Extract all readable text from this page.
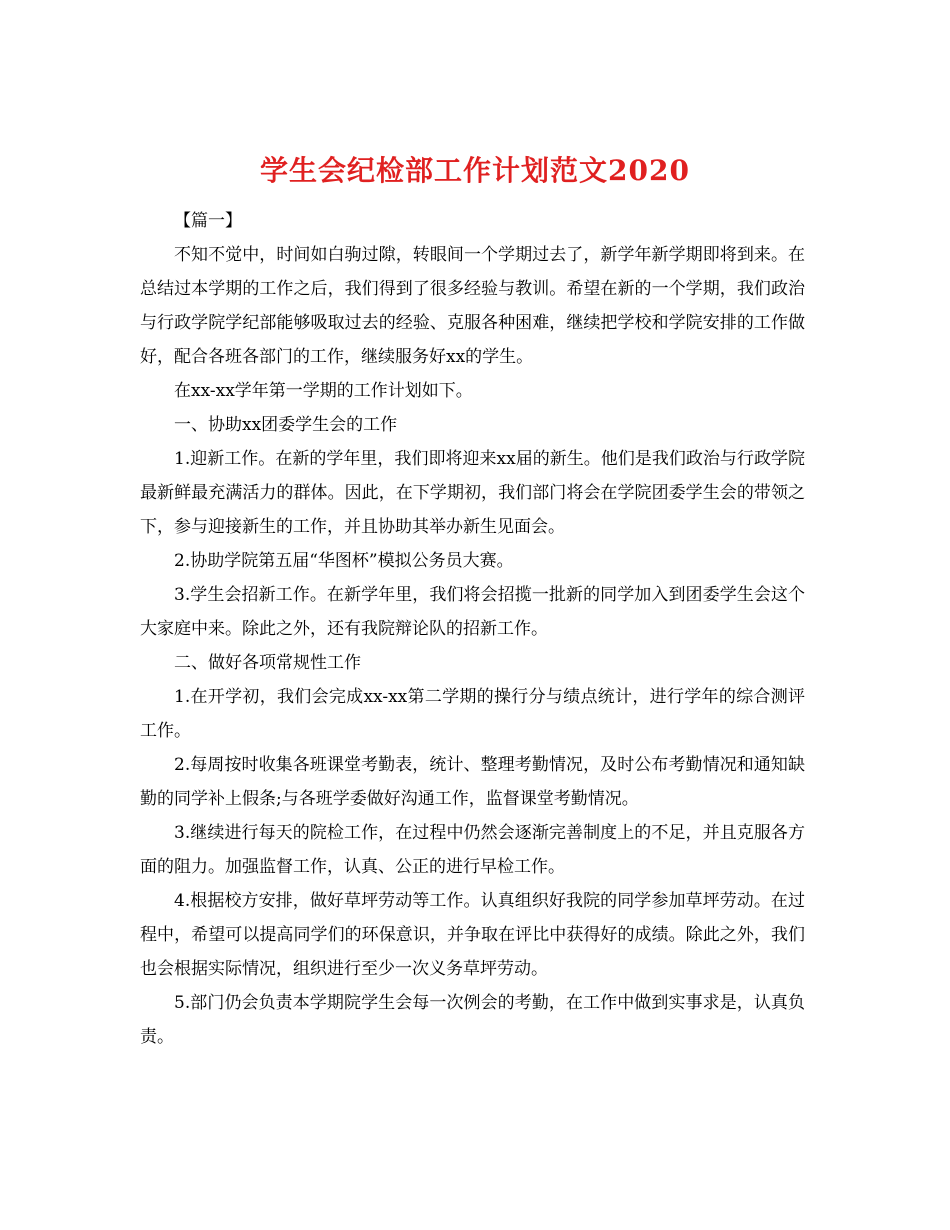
学生会纪检部工作计划范文2020

【篇一】

不知不觉中，时间如白驹过隙，转眼间一个学期过去了，新学年新学期即将到来。在总结过本学期的工作之后，我们得到了很多经验与教训。希望在新的一个学期，我们政治与行政学院学纪部能够吸取过去的经验、克服各种困难，继续把学校和学院安排的工作做好，配合各班各部门的工作，继续服务好xx的学生。

在xx-xx学年第一学期的工作计划如下。

一、协助xx团委学生会的工作

1.迎新工作。在新的学年里，我们即将迎来xx届的新生。他们是我们政治与行政学院最新鲜最充满活力的群体。因此，在下学期初，我们部门将会在学院团委学生会的带领之下，参与迎接新生的工作，并且协助其举办新生见面会。

2.协助学院第五届“华图杯”模拟公务员大赛。

3.学生会招新工作。在新学年里，我们将会招揽一批新的同学加入到团委学生会这个大家庭中来。除此之外，还有我院辩论队的招新工作。

二、做好各项常规性工作

1.在开学初，我们会完成xx-xx第二学期的操行分与绩点统计，进行学年的综合测评工作。

2.每周按时收集各班课堂考勤表，统计、整理考勤情况，及时公布考勤情况和通知缺勤的同学补上假条;与各班学委做好沟通工作，监督课堂考勤情况。

3.继续进行每天的院检工作，在过程中仍然会逐渐完善制度上的不足，并且克服各方面的阻力。加强监督工作，认真、公正的进行早检工作。

4.根据校方安排，做好草坪劳动等工作。认真组织好我院的同学参加草坪劳动。在过程中，希望可以提高同学们的环保意识，并争取在评比中获得好的成绩。除此之外，我们也会根据实际情况，组织进行至少一次义务草坪劳动。

5.部门仍会负责本学期院学生会每一次例会的考勤，在工作中做到实事求是，认真负责。
